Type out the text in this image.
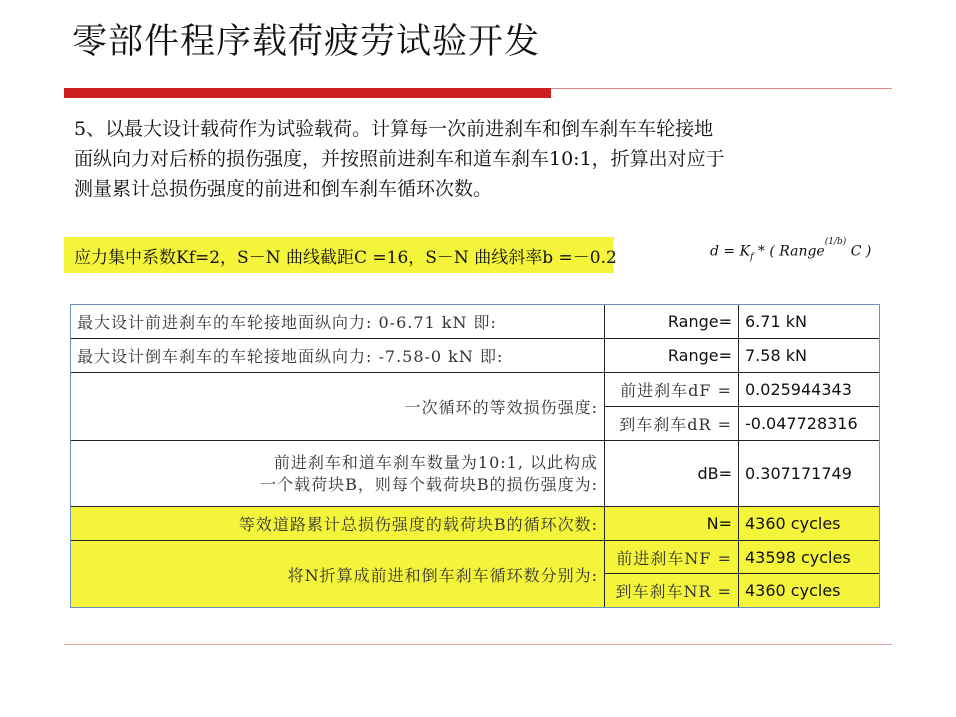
零部件程序载荷疲劳试验开发
5、以最大设计载荷作为试验载荷。计算每一次前进刹车和倒车刹车车轮接地
面纵向力对后桥的损伤强度，并按照前进刹车和道车刹车10:1，折算出对应于
测量累计总损伤强度的前进和倒车刹车循环次数。
应力集中系数Kf=2，S－N 曲线截距C =16，S－N 曲线斜率b =－0.2	$d = K_f$ * ( Range$^{(1/b)}$ C )
最大设计前进刹车的车轮接地面纵向力: 0-6.71 kN 即:	Range= 6.71 kN
最大设计倒车刹车的车轮接地面纵向力: -7.58-0 kN 即:	Range= 7.58 kN
一次循环的等效损伤强度:
前进刹车dF = 0.025944343
到车刹车dR = -0.047728316
前进刹车和道车刹车数量为10:1, 以此构成
一个载荷块B，则每个载荷块B的损伤强度为:
dB= 0.307171749
等效道路累计总损伤强度的载荷块B的循环次数:	N= 4360 cycles
将N折算成前进和倒车刹车循环数分别为:
前进刹车NF = 43598 cycles
到车刹车NR = 4360 cycles
